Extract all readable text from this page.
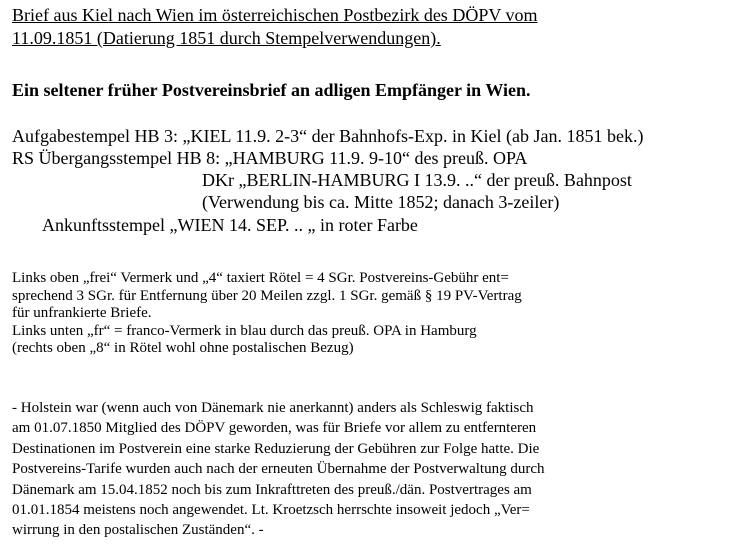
Brief aus Kiel nach Wien im österreichischen Postbezirk des DÖPV vom
11.09.1851 (Datierung 1851 durch Stempelverwendungen).
Ein seltener früher Postvereinsbrief an adligen Empfänger in Wien.
Aufgabestempel HB 3: „KIEL 11.9. 2-3“ der Bahnhofs-Exp. in Kiel (ab Jan. 1851 bek.)
RS Übergangsstempel HB 8: „HAMBURG 11.9. 9-10“ des preuß. OPA
DKr „BERLIN-HAMBURG I 13.9. ..“ der preuß. Bahnpost
(Verwendung bis ca. Mitte 1852; danach 3-zeiler)
Ankunftsstempel „WIEN 14. SEP. .. „ in roter Farbe
Links oben „frei“ Vermerk und „4“ taxiert Rötel = 4 SGr. Postvereins-Gebühr ent=
sprechend 3 SGr. für Entfernung über 20 Meilen zzgl. 1 SGr. gemäß § 19 PV-Vertrag
für unfrankierte Briefe.
Links unten „fr“ = franco-Vermerk in blau durch das preuß. OPA in Hamburg
(rechts oben „8“ in Rötel wohl ohne postalischen Bezug)
- Holstein war (wenn auch von Dänemark nie anerkannt) anders als Schleswig faktisch
am 01.07.1850 Mitglied des DÖPV geworden, was für Briefe vor allem zu entfernteren
Destinationen im Postverein eine starke Reduzierung der Gebühren zur Folge hatte. Die
Postvereins-Tarife wurden auch nach der erneuten Übernahme der Postverwaltung durch
Dänemark am 15.04.1852 noch bis zum Inkrafttreten des preuß./dän. Postvertrages am
01.01.1854 meistens noch angewendet. Lt. Kroetzsch herrschte insoweit jedoch „Ver=
wirrung in den postalischen Zuständen“. -
